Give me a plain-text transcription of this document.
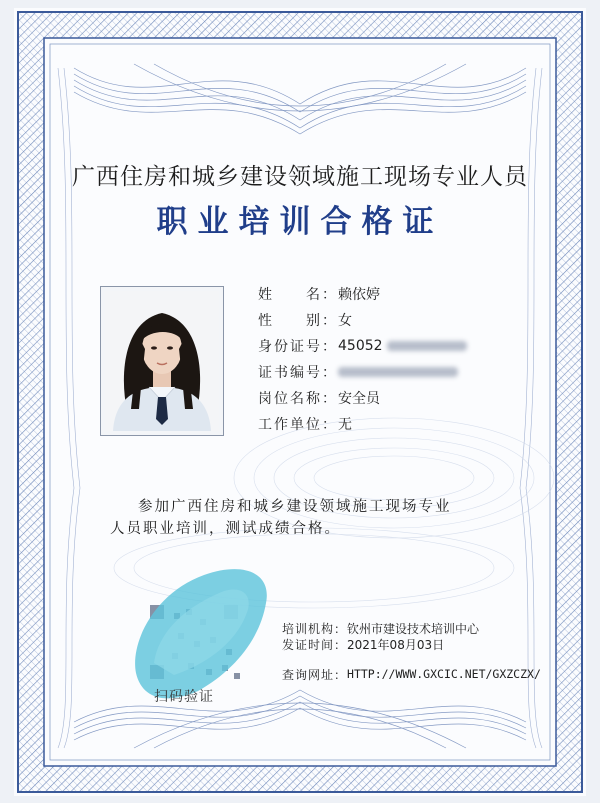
广西住房和城乡建设领域施工现场专业人员
职业培训合格证
姓　　名： 赖依婷
性　　别： 女
身份证号： 45052
证书编号：
岗位名称： 安全员
工作单位： 无
参加广西住房和城乡建设领域施工现场专业
人员职业培训，测试成绩合格。
扫码验证
培训机构： 钦州市建设技术培训中心
发证时间： 2021年08月03日
查询网址： HTTP://WWW.GXCIC.NET/GXZCZX/
